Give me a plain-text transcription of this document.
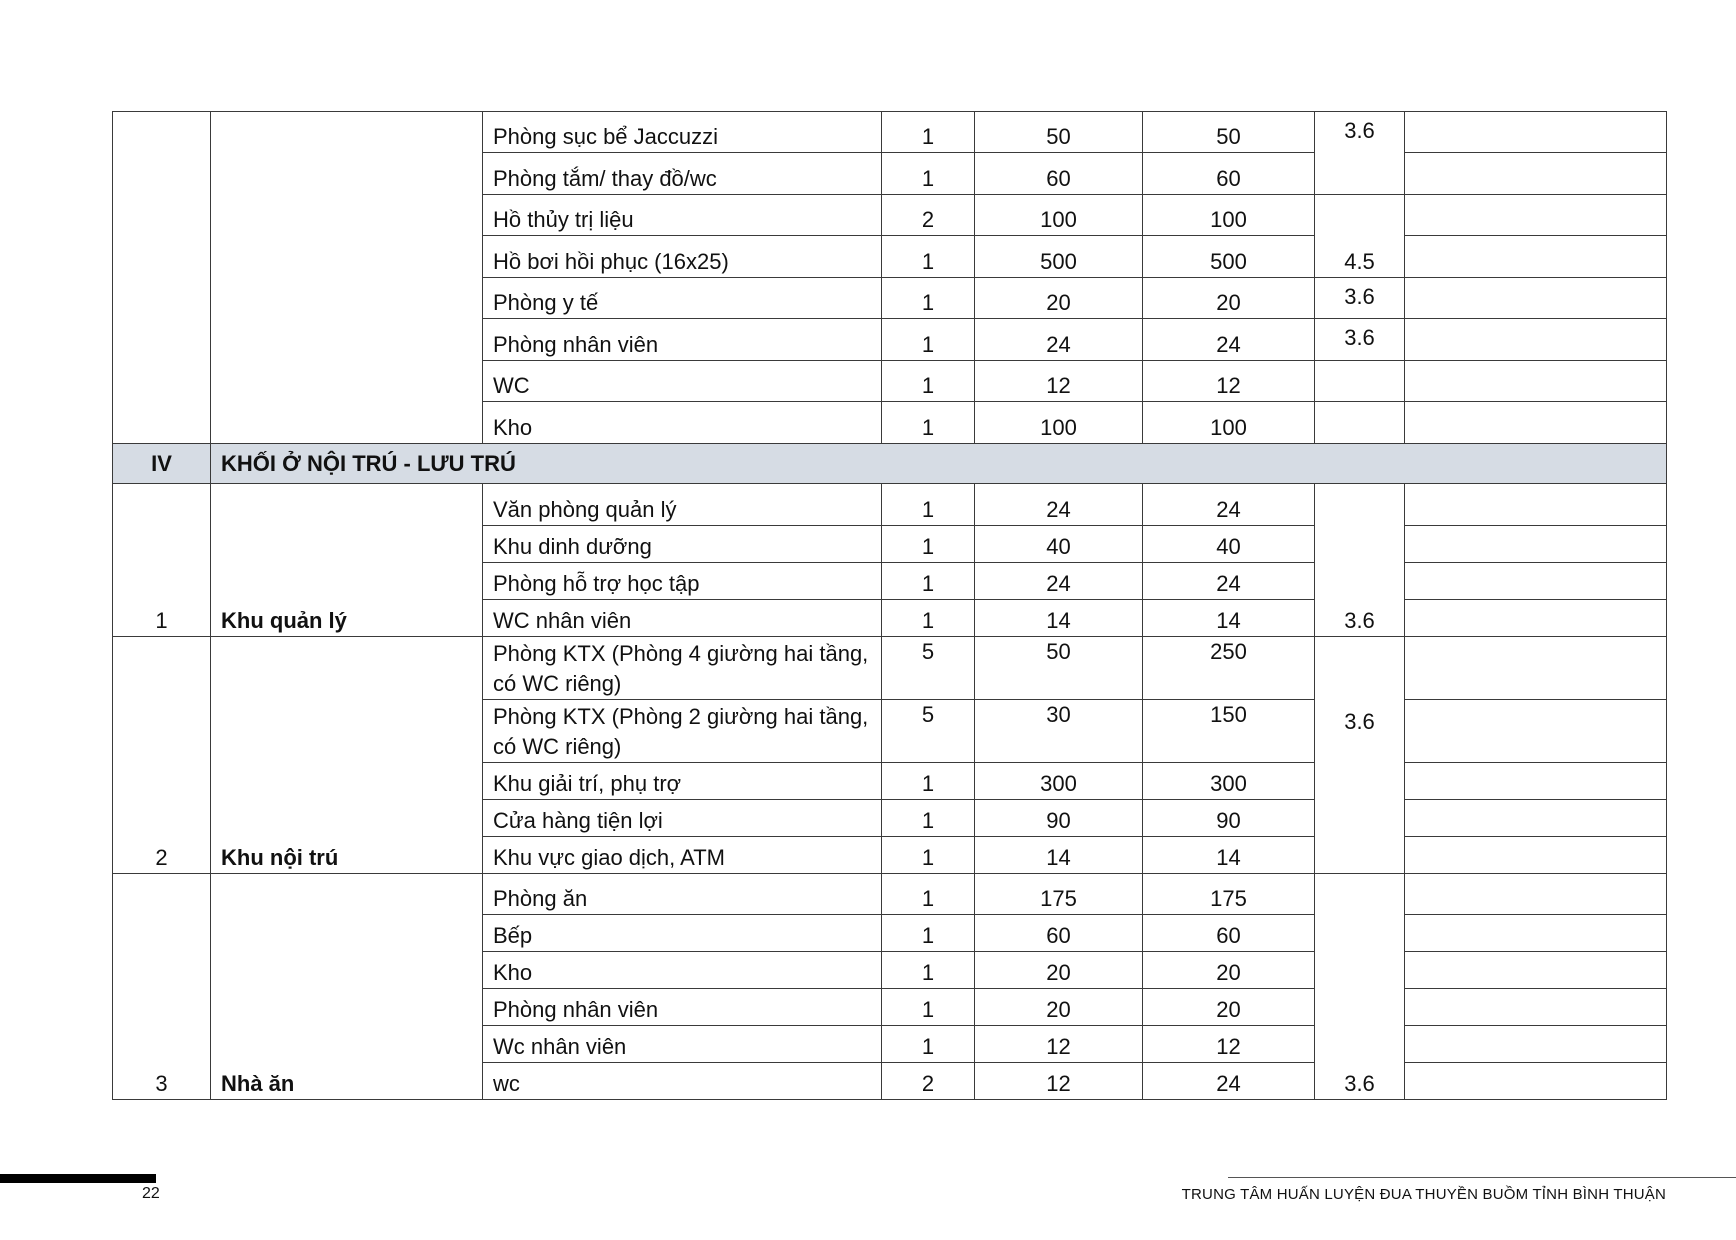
		Phòng sục bể Jaccuzzi	1	50	50	3.6	
		Phòng tắm/ thay đồ/wc	1	60	60		
		Hồ thủy trị liệu	2	100	100	4.5	
		Hồ bơi hồi phục (16x25)	1	500	500		
		Phòng y tế	1	20	20	3.6	
		Phòng nhân viên	1	24	24	3.6	
		WC	1	12	12		
		Kho	1	100	100		
IV	KHỐI Ở NỘI TRÚ - LƯU TRÚ						
1	Khu quản lý	Văn phòng quản lý	1	24	24	3.6	
		Khu dinh dưỡng	1	40	40		
		Phòng hỗ trợ học tập	1	24	24		
		WC nhân viên	1	14	14		
2	Khu nội trú	Phòng KTX (Phòng 4 giường hai tầng, có WC riêng)	5	50	250	3.6	
		Phòng KTX (Phòng 2 giường hai tầng, có WC riêng)	5	30	150		
		Khu giải trí, phụ trợ	1	300	300		
		Cửa hàng tiện lợi	1	90	90		
		Khu vực giao dịch, ATM	1	14	14		
3	Nhà ăn	Phòng ăn	1	175	175	3.6	
		Bếp	1	60	60		
		Kho	1	20	20		
		Phòng nhân viên	1	20	20		
		Wc nhân viên	1	12	12		
		wc	2	12	24		
22	TRUNG TÂM HUẤN LUYỆN ĐUA THUYỀN BUỒM TỈNH BÌNH THUẬN
